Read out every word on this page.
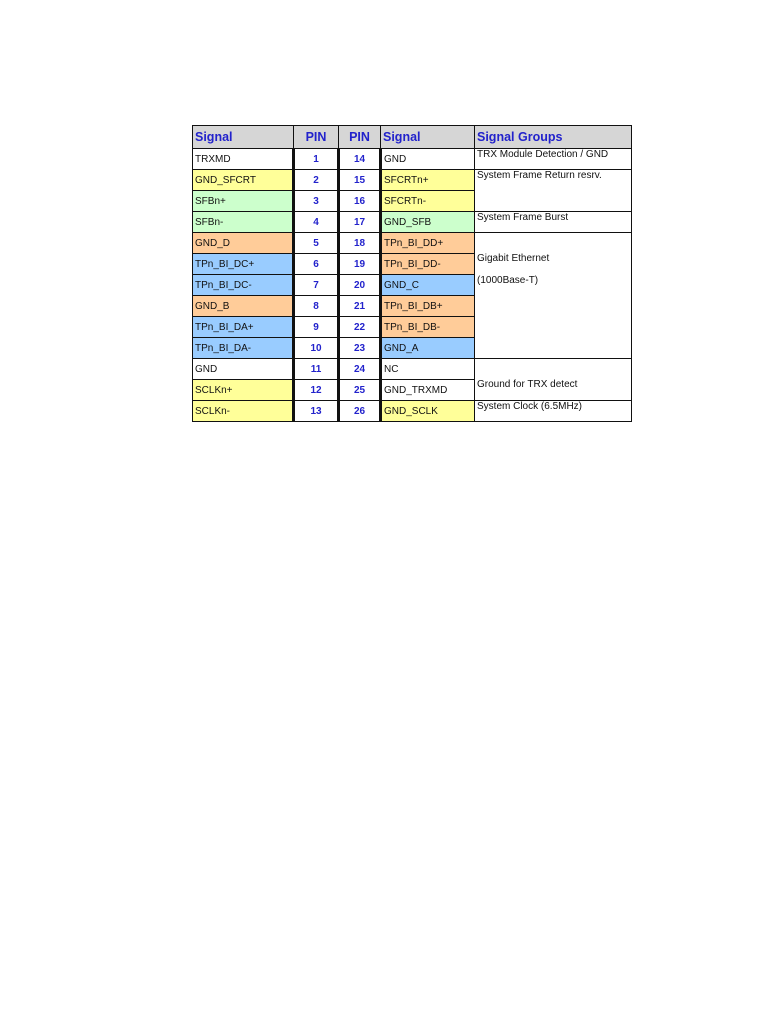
Signal	PIN	PIN	Signal	Signal Groups
TRXMD	1	14	GND	TRX Module Detection / GND
GND_SFCRT	2	15	SFCRTn+	System Frame Return resrv.
SFBn+	3	16	SFCRTn-	
SFBn-	4	17	GND_SFB	System Frame Burst
GND_D	5	18	TPn_BI_DD+	Gigabit Ethernet
(1000Base-T)

TPn_BI_DC+	6	19	TPn_BI_DD-	
TPn_BI_DC-	7	20	GND_C	
GND_B	8	21	TPn_BI_DB+	
TPn_BI_DA+	9	22	TPn_BI_DB-	
TPn_BI_DA-	10	23	GND_A	
GND	11	24	NC	Ground for TRX detect

SCLKn+	12	25	GND_TRXMD	
SCLKn-	13	26	GND_SCLK	System Clock (6.5MHz)
